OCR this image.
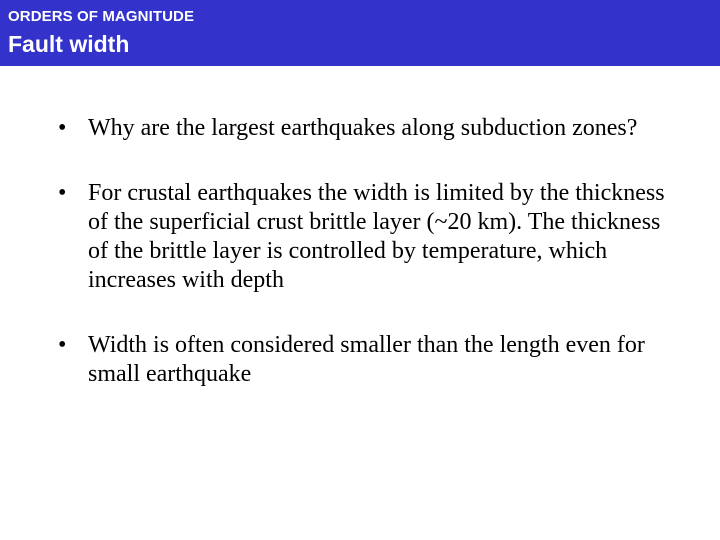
ORDERS OF MAGNITUDE
Fault width
• Why are the largest earthquakes along subduction zones?
• For crustal earthquakes the width is limited by the thickness of the superficial crust brittle layer (~20 km). The thickness of the brittle layer is controlled by temperature, which increases with depth
• Width is often considered smaller than the length even for small earthquake
